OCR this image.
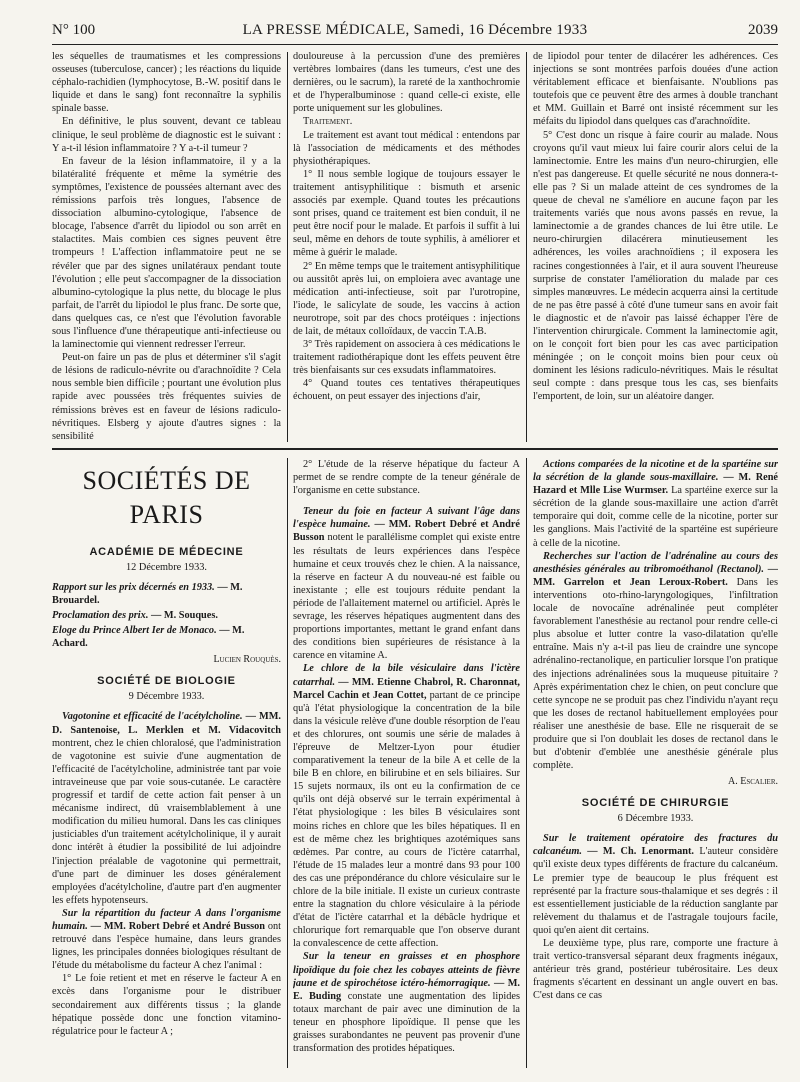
N° 100	LA PRESSE MÉDICALE, Samedi, 16 Décembre 1933	2039

les séquelles de traumatismes et les compressions osseuses (tuberculose, cancer) ; les réactions du liquide céphalo-rachidien (lymphocytose, B.-W. positif dans le liquide et dans le sang) font reconnaître la syphilis spinale basse.

En définitive, le plus souvent, devant ce tableau clinique, le seul problème de diagnostic est le suivant : Y a-t-il lésion inflammatoire ? Y a-t-il tumeur ?

En faveur de la lésion inflammatoire, il y a la bilatéralité fréquente et même la symétrie des symptômes, l'existence de poussées alternant avec des rémissions parfois très longues, l'absence de dissociation albumino-cytologique, l'absence de blocage, l'absence d'arrêt du lipiodol ou son arrêt en stalactites. Mais combien ces signes peuvent être trompeurs ! L'affection inflammatoire peut ne se révéler que par des signes unilatéraux pendant toute l'évolution ; elle peut s'accompagner de la dissociation albumino-cytologique la plus nette, du blocage le plus parfait, de l'arrêt du lipiodol le plus franc. De sorte que, dans quelques cas, ce n'est que l'évolution favorable sous l'influence d'une thérapeutique anti-infectieuse ou la laminectomie qui viennent redresser l'erreur.

Peut-on faire un pas de plus et déterminer s'il s'agit de lésions de radiculo-névrite ou d'arachnoïdite ? Cela nous semble bien difficile ; pourtant une évolution plus rapide avec poussées très fréquentes suivies de rémissions brèves est en faveur de lésions radiculo-névritiques. Elsberg y ajoute d'autres signes : la sensibilité

douloureuse à la percussion d'une des premières vertèbres lombaires (dans les tumeurs, c'est une des dernières, ou le sacrum), la rareté de la xanthochromie et de l'hyperalbuminose : quand celle-ci existe, elle porte uniquement sur les globulines.

Traitement.

Le traitement est avant tout médical : entendons par là l'association de médicaments et des méthodes physiothérapiques.

1° Il nous semble logique de toujours essayer le traitement antisyphilitique : bismuth et arsenic associés par exemple. Quand toutes les précautions sont prises, quand ce traitement est bien conduit, il ne peut être nocif pour le malade. Et parfois il suffit à lui seul, même en dehors de toute syphilis, à améliorer et même à guérir le malade.

2° En même temps que le traitement antisyphilitique ou aussitôt après lui, on emploiera avec avantage une médication anti-infectieuse, soit par l'urotropine, l'iode, le salicylate de soude, les vaccins à action neurotrope, soit par des chocs protéiques : injections de lait, de métaux colloïdaux, de vaccin T.A.B.

3° Très rapidement on associera à ces médications le traitement radiothérapique dont les effets peuvent être très bienfaisants sur ces exsudats inflammatoires.

4° Quand toutes ces tentatives thérapeutiques échouent, on peut essayer des injections d'air,

de lipiodol pour tenter de dilacérer les adhérences. Ces injections se sont montrées parfois douées d'une action véritablement efficace et bienfaisante. N'oublions pas toutefois que ce peuvent être des armes à double tranchant et MM. Guillain et Barré ont insisté récemment sur les méfaits du lipiodol dans quelques cas d'arachnoïdite.

5° C'est donc un risque à faire courir au malade. Nous croyons qu'il vaut mieux lui faire courir alors celui de la laminectomie. Entre les mains d'un neuro-chirurgien, elle n'est pas dangereuse. Et quelle sécurité ne nous donnera-t-elle pas ? Si un malade atteint de ces syndromes de la queue de cheval ne s'améliore en aucune façon par les traitements variés que nous avons passés en revue, la laminectomie a de grandes chances de lui être utile. Le neuro-chirurgien dilacérera minutieusement les adhérences, les voiles arachnoïdiens ; il exposera les racines congestionnées à l'air, et il aura souvent l'heureuse surprise de constater l'amélioration du malade par ces simples manœuvres. Le médecin acquerra ainsi la certitude de ne pas être passé à côté d'une tumeur sans en avoir fait le diagnostic et de n'avoir pas laissé échapper l'ère de l'intervention chirurgicale. Comment la laminectomie agit, on le conçoit fort bien pour les cas avec participation méningée ; on le conçoit moins bien pour ceux où dominent les lésions radiculo-névritiques. Mais le résultat seul compte : dans presque tous les cas, ses bienfaits l'emportent, de loin, sur un aléatoire danger.

SOCIÉTÉS DE PARIS
ACADÉMIE DE MÉDECINE
12 Décembre 1933.
Rapport sur les prix décernés en 1933. — M. Brouardel.
Proclamation des prix. — M. Souques.
Eloge du Prince Albert Ier de Monaco. — M. Achard.
Lucien Rouquès.
SOCIÉTÉ DE BIOLOGIE
9 Décembre 1933.

Vagotonine et efficacité de l'acétylcholine. — MM. D. Santenoise, L. Merklen et M. Vidacovitch montrent, chez le chien chloralosé, que l'administration de vagotonine est suivie d'une augmentation de l'efficacité de l'acétylcholine, administrée tant par voie intraveineuse que par voie sous-cutanée. Le caractère progressif et tardif de cette action fait penser à un mécanisme indirect, dû vraisemblablement à une modification du milieu humoral. Dans les cas cliniques justiciables d'un traitement acétylcholinique, il y aurait donc intérêt à étudier la possibilité de lui adjoindre l'injection préalable de vagotonine qui permettrait, d'une part de diminuer les doses généralement employées d'acétylcholine, d'autre part d'en augmenter les effets hypotenseurs.

Sur la répartition du facteur A dans l'organisme humain. — MM. Robert Debré et André Busson ont retrouvé dans l'espèce humaine, dans leurs grandes lignes, les principales données biologiques résultant de l'étude du métabolisme du facteur A chez l'animal :

1° Le foie retient et met en réserve le facteur A en excès dans l'organisme pour le distribuer secondairement aux différents tissus ; la glande hépatique possède donc une fonction vitamino-régulatrice pour le facteur A ;

2° L'étude de la réserve hépatique du facteur A permet de se rendre compte de la teneur générale de l'organisme en cette substance.

Teneur du foie en facteur A suivant l'âge dans l'espèce humaine. — MM. Robert Debré et André Busson notent le parallélisme complet qui existe entre les résultats de leurs expériences dans l'espèce humaine et ceux trouvés chez le chien. A la naissance, la réserve en facteur A du nouveau-né est faible ou inexistante ; elle est toujours réduite pendant la période de l'allaitement maternel ou artificiel. Après le sevrage, les réserves hépatiques augmentent dans des proportions importantes, mettant le grand enfant dans des conditions bien supérieures de résistance à la carence en vitamine A.

Le chlore de la bile vésiculaire dans l'ictère catarrhal. — MM. Etienne Chabrol, R. Charonnat, Marcel Cachin et Jean Cottet, partant de ce principe qu'à l'état physiologique la concentration de la bile dans la vésicule relève d'une double résorption de l'eau et des chlorures, ont soumis une série de malades à l'épreuve de Meltzer-Lyon pour étudier comparativement la teneur de la bile A et celle de la bile B en chlore, en bilirubine et en sels biliaires. Sur 15 sujets normaux, ils ont eu la confirmation de ce qu'ils ont déjà observé sur le terrain expérimental à l'état physiologique : les biles B vésiculaires sont moins riches en chlore que les biles hépatiques. Il en est de même chez les brightiques azotémiques sans œdèmes. Par contre, au cours de l'ictère catarrhal, l'étude de 15 malades leur a montré dans 93 pour 100 des cas une prépondérance du chlore vésiculaire sur le chlore de la bile initiale. Il existe un curieux contraste entre la stagnation du chlore vésiculaire à la période d'état de l'ictère catarrhal et la débâcle hydrique et chlorurique fort remarquable que l'on observe durant la convalescence de cette affection.

Sur la teneur en graisses et en phosphore lipoïdique du foie chez les cobayes atteints de fièvre jaune et de spirochétose ictéro-hémorragique. — M. E. Buding constate une augmentation des lipides totaux marchant de pair avec une diminution de la teneur en phosphore lipoïdique. Il pense que les graisses surabondantes ne peuvent pas provenir d'une transformation des protides hépatiques.

Actions comparées de la nicotine et de la spartéine sur la sécrétion de la glande sous-maxillaire. — M. René Hazard et Mlle Lise Wurmser. La spartéine exerce sur la sécrétion de la glande sous-maxillaire une action d'arrêt temporaire qui doit, comme celle de la nicotine, porter sur les ganglions. Mais l'activité de la spartéine est supérieure à celle de la nicotine.

Recherches sur l'action de l'adrénaline au cours des anesthésies générales au tribromoéthanol (Rectanol). — MM. Garrelon et Jean Leroux-Robert. Dans les interventions oto-rhino-laryngologiques, l'infiltration locale de novocaïne adrénalinée peut compléter favorablement l'anesthésie au rectanol pour rendre celle-ci plus absolue et lutter contre la vaso-dilatation qu'elle entraîne. Mais n'y a-t-il pas lieu de craindre une syncope adrénalino-rectanolique, en particulier lorsque l'on pratique des injections adrénalinées sous la muqueuse pituitaire ? Après expérimentation chez le chien, on peut conclure que cette syncope ne se produit pas chez l'individu n'ayant reçu que les doses de rectanol habituellement employées pour réaliser une anesthésie de base. Elle ne risquerait de se produire que si l'on doublait les doses de rectanol dans le but d'obtenir d'emblée une anesthésie générale plus complète.

A. Escalier.
SOCIÉTÉ DE CHIRURGIE
6 Décembre 1933.

Sur le traitement opératoire des fractures du calcanéum. — M. Ch. Lenormant. L'auteur considère qu'il existe deux types différents de fracture du calcanéum. Le premier type de beaucoup le plus fréquent est représenté par la fracture sous-thalamique et ses degrés : il est essentiellement justiciable de la réduction sanglante par relèvement du thalamus et de l'astragale toujours facile, quoi qu'en aient dit certains.

Le deuxième type, plus rare, comporte une fracture à trait vertico-transversal séparant deux fragments inégaux, antérieur très grand, postérieur tubérositaire. Les deux fragments s'écartent en dessinant un angle ouvert en bas. C'est dans ce cas
